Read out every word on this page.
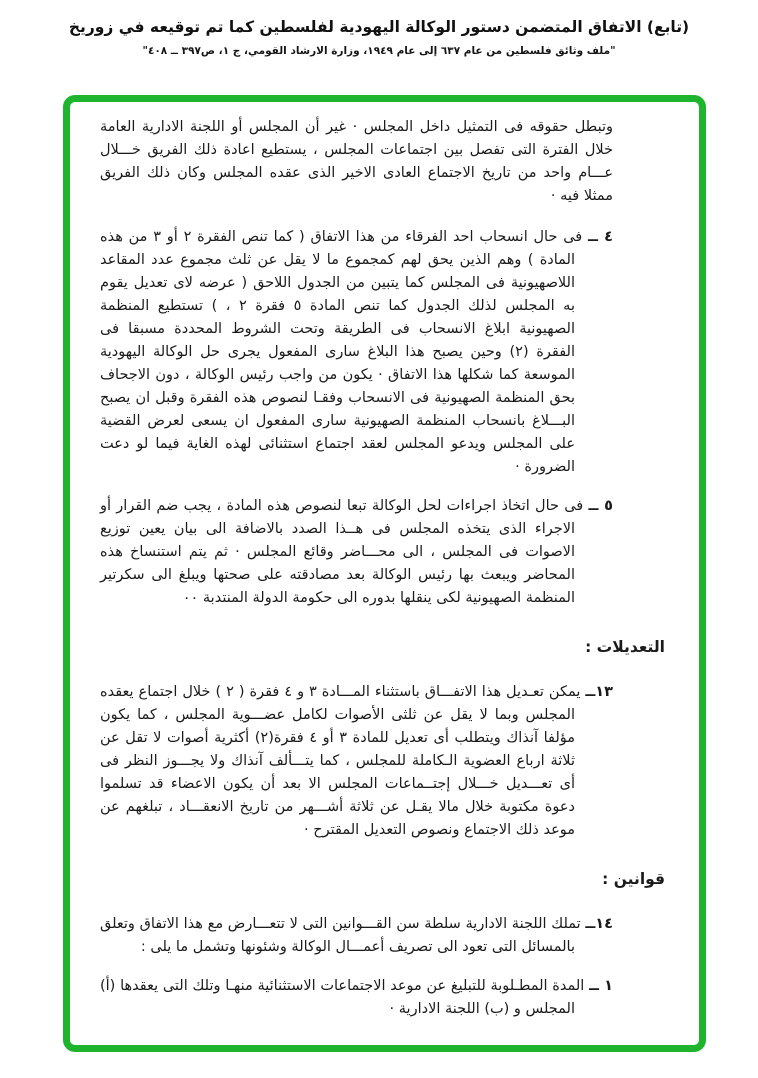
(تابع) الاتفاق المتضمن دستور الوكالة اليهودية لفلسطين كما تم توقيعه في زوريخ
"ملف وثائق فلسطين من عام ٦٣٧ إلى عام ١٩٤٩، وزارة الارشاد القومي، ج ١، ص٣٩٧ ــ ٤٠٨"
وتبطل حقوقه فى التمثيل داخل المجلس · غير أن المجلس أو اللجنة الادارية العامة خلال الفترة التى تفصل بين اجتماعات المجلس ، يستطيع اعادة ذلك الفريق خـــلال عـــام واحد من تاريخ الاجتماع العادى الاخير الذى عقده المجلس وكان ذلك الفريق ممثلا فيه ·
٤ ــ فى حال انسحاب احد الفرقاء من هذا الاتفاق ( كما تنص الفقرة ٢ أو ٣ من هذه المادة ) وهم الذين يحق لهم كمجموع ما لا يقل عن ثلث مجموع عدد المقاعد اللاصهيونية فى المجلس كما يتبين من الجدول اللاحق ( عرضه لاى تعديل يقوم به المجلس لذلك الجدول كما تنص المادة ٥ فقرة ٢ ، ) تستطيع المنظمة الصهيونية ابلاغ الانسحاب فى الطريقة وتحت الشروط المحددة مسبقا فى الفقرة (٢) وحين يصبح هذا البلاغ سارى المفعول يجرى حل الوكالة اليهودية الموسعة كما شكلها هذا الاتفاق · يكون من واجب رئيس الوكالة ، دون الاجحاف بحق المنظمة الصهيونية فى الانسحاب وفقـا لنصوص هذه الفقرة وقبل ان يصبح البـــلاغ بانسحاب المنظمة الصهيونية سارى المفعول ان يسعى لعرض القضية على المجلس ويدعو المجلس لعقد اجتماع استثنائى لهذه الغاية فيما لو دعت الضرورة ·
٥ ــ فى حال اتخاذ اجراءات لحل الوكالة تبعا لنصوص هذه المادة ، يجب ضم القرار أو الاجراء الذى يتخذه المجلس فى هــذا الصدد بالاضافة الى بيان يعين توزيع الاصوات فى المجلس ، الى محـــاضر وقائع المجلس · ثم يتم استنساخ هذه المحاضر ويبعث بها رئيس الوكالة بعد مصادقته على صحتها ويبلغ الى سكرتير المنظمة الصهيونية لكى ينقلها بدوره الى حكومة الدولة المنتدبة ٠٠
التعديلات :
١٣ــ يمكن تعـديل هذا الاتفـــاق باستثناء المـــادة ٣ و ٤ فقرة ( ٢ ) خلال اجتماع يعقده المجلس وبما لا يقل عن ثلثى الأصوات لكامل عضـــوية المجلس ، كما يكون مؤلفا آنذاك ويتطلب أى تعديل للمادة ٣ أو ٤ فقرة(٢) أكثرية أصوات لا تقل عن ثلاثة ارباع العضوية الـكاملة للمجلس ، كما يتـــألف آنذاك ولا يجـــوز النظر فى أى تعـــديل خـــلال إجتــماعات المجلس الا بعد أن يكون الاعضاء قد تسلموا دعوة مكتوبة خلال مالا يقـل عن ثلاثة أشـــهر من تاريخ الانعقـــاد ، تبلغهم عن موعد ذلك الاجتماع ونصوص التعديل المقترح ·
قوانين :
١٤ــ تملك اللجنة الادارية سلطة سن القـــوانين التى لا تتعـــارض مع هذا الاتفاق وتعلق بالمسائل التى تعود الى تصريف أعمـــال الوكالة وشئونها وتشمل ما يلى :
١ ــ المدة المطـلوبة للتبليغ عن موعد الاجتماعات الاستثنائية منهـا وتلك التى يعقدها (أ) المجلس و (ب) اللجنة الادارية ·
